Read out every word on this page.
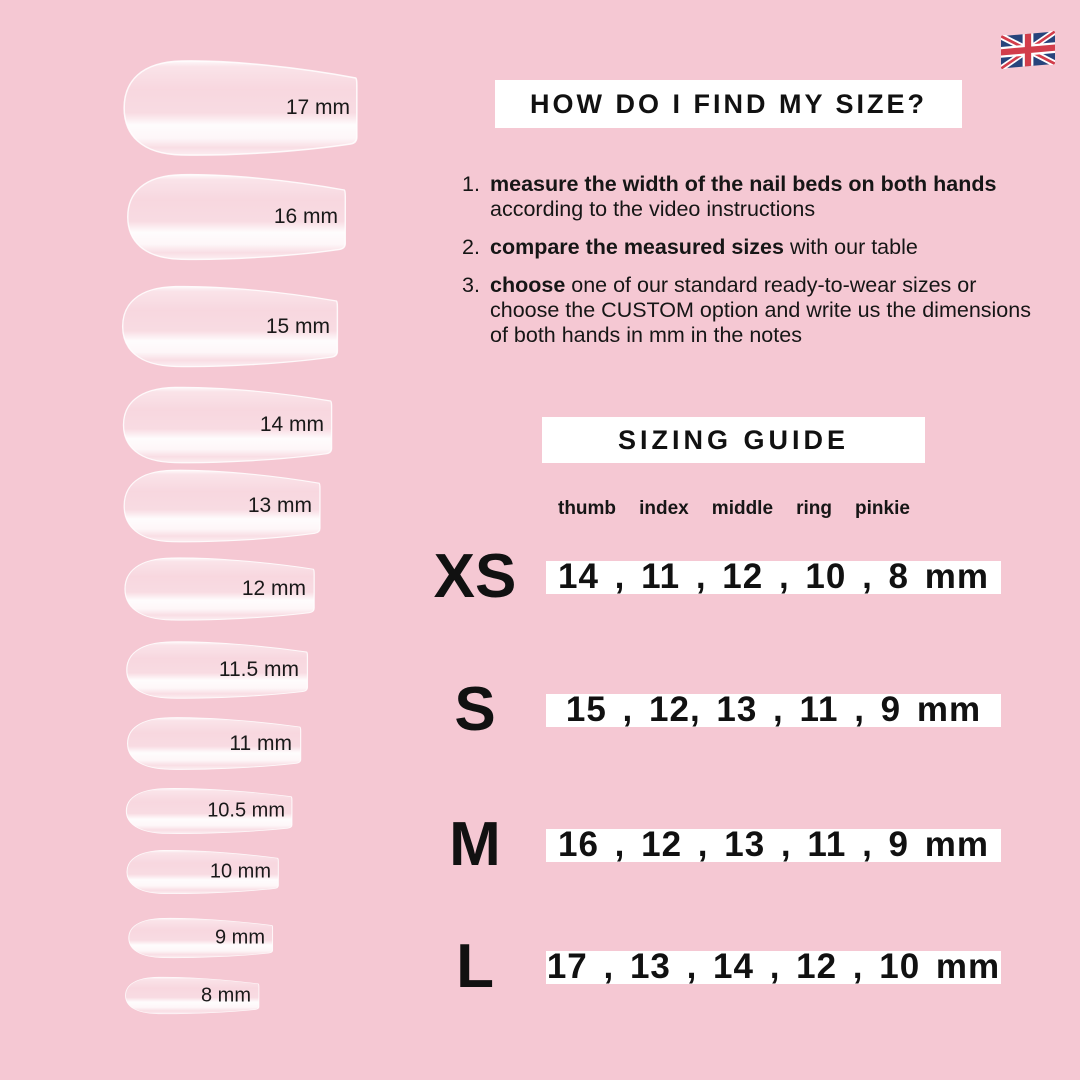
17 mm
16 mm
15 mm
14 mm
13 mm
12 mm
11.5 mm
11 mm
10.5 mm
10 mm
9 mm
8 mm
HOW DO I FIND MY SIZE?
1. measure the width of the nail beds on both hands according to the video instructions
2. compare the measured sizes with our table
3. choose one of our standard ready-to-wear sizes or choose the CUSTOM option and write us the dimensions of both hands in mm in the notes
SIZING GUIDE
thumb index middle ring pinkie
XS	14 , 11 , 12 , 10 , 8 mm
S	15 , 12, 13 , 11 , 9 mm
M	16 , 12 , 13 , 11 , 9 mm
L	17 , 13 , 14 , 12 , 10 mm
